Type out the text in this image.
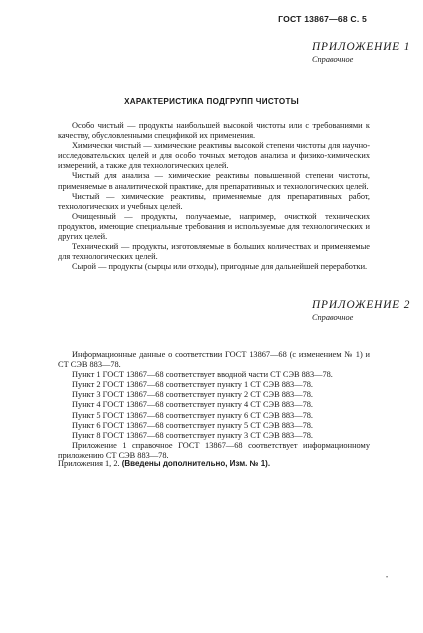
ГОСТ 13867—68 С. 5
ПРИЛОЖЕНИЕ 1
Справочное
ХАРАКТЕРИСТИКА ПОДГРУПП ЧИСТОТЫ

Особо чистый — продукты наибольшей высокой чистоты или с требованиями к качеству, обусловленными спецификой их применения.

Химически чистый — химические реактивы высокой степени чистоты для научно-исследовательских целей и для особо точных методов анализа и физико-химических измерений, а также для технологических целей.

Чистый для анализа — химические реактивы повышенной степени чистоты, применяемые в аналитической практике, для препаративных и технологических целей.

Чистый — химические реактивы, применяемые для препаративных работ, технологических и учебных целей.

Очищенный — продукты, получаемые, например, очисткой технических продуктов, имеющие специальные требования и используемые для технологических и других целей.

Технический — продукты, изготовляемые в больших количествах и применяемые для технологических целей.

Сырой — продукты (сырцы или отходы), пригодные для дальнейшей переработки.

ПРИЛОЖЕНИЕ 2
Справочное

Информационные данные о соответствии ГОСТ 13867—68 (с изменением № 1) и СТ СЭВ 883—78.

Пункт 1 ГОСТ 13867—68 соответствует вводной части СТ СЭВ 883—78.

Пункт 2 ГОСТ 13867—68 соответствует пункту 1 СТ СЭВ 883—78.

Пункт 3 ГОСТ 13867—68 соответствует пункту 2 СТ СЭВ 883—78.

Пункт 4 ГОСТ 13867—68 соответствует пункту 4 СТ СЭВ 883—78.

Пункт 5 ГОСТ 13867—68 соответствует пункту 6 СТ СЭВ 883—78.

Пункт 6 ГОСТ 13867—68 соответствует пункту 5 СТ СЭВ 883—78.

Пункт 8 ГОСТ 13867—68 соответствует пункту 3 СТ СЭВ 883—78.

Приложение 1 справочное ГОСТ 13867—68 соответствует информационному приложению СТ СЭВ 883—78.

Приложения 1, 2. (Введены дополнительно, Изм. № 1).
•
